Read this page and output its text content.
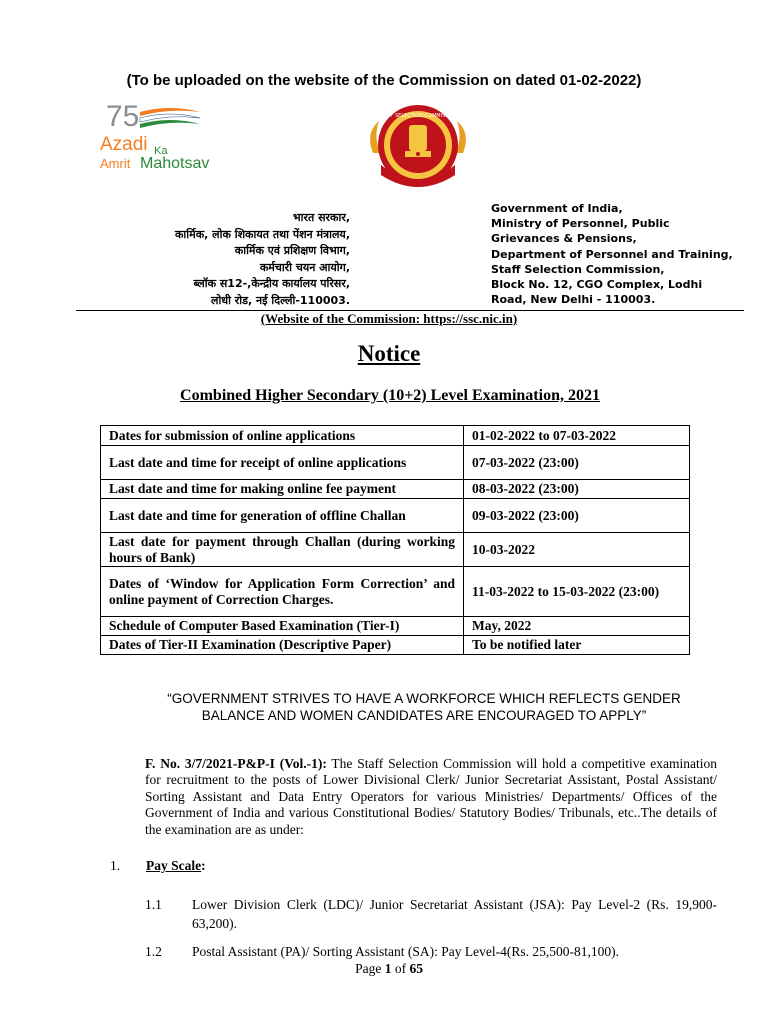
(To be uploaded on the website of the Commission on dated 01-02-2022)
75
Azadi Ka
Amrit Mahotsav
STAFF SELECTION COMMISSION
भारत सरकार,
कार्मिक, लोक शिकायत तथा पेंशन मंत्रालय,
कार्मिक एवं प्रशिक्षण विभाग,
कर्मचारी चयन आयोग,
ब्लॉक स12-,केन्द्रीय कार्यालय परिसर,
लोधी रोड, नई दिल्ली-110003.
Government of India,
Ministry of Personnel, Public
Grievances & Pensions,
Department of Personnel and Training,
Staff Selection Commission,
Block No. 12, CGO Complex, Lodhi
Road, New Delhi - 110003.
(Website of the Commission: https://ssc.nic.in)
Notice
Combined Higher Secondary (10+2) Level Examination, 2021
Dates for submission of online applications	01-02-2022 to 07-03-2022
Last date and time for receipt of online applications	07-03-2022 (23:00)
Last date and time for making online fee payment	08-03-2022 (23:00)
Last date and time for generation of offline Challan	09-03-2022 (23:00)
Last date for payment through Challan (during working hours of Bank)	10-03-2022
Dates of ‘Window for Application Form Correction’ and online payment of Correction Charges.	11-03-2022 to 15-03-2022 (23:00)
Schedule of Computer Based Examination (Tier-I)	May, 2022
Dates of Tier-II Examination (Descriptive Paper)	To be notified later
“GOVERNMENT STRIVES TO HAVE A WORKFORCE WHICH REFLECTS GENDER
BALANCE AND WOMEN CANDIDATES ARE ENCOURAGED TO APPLY”
F. No. 3/7/2021-P&P-I (Vol.-1): The Staff Selection Commission will hold a competitive examination for recruitment to the posts of Lower Divisional Clerk/ Junior Secretariat Assistant, Postal Assistant/ Sorting Assistant and Data Entry Operators for various Ministries/ Departments/ Offices of the Government of India and various Constitutional Bodies/ Statutory Bodies/ Tribunals, etc..The details of the examination are as under:
1. Pay Scale:
1.1 Lower Division Clerk (LDC)/ Junior Secretariat Assistant (JSA): Pay Level-2 (Rs. 19,900-63,200).
1.2 Postal Assistant (PA)/ Sorting Assistant (SA): Pay Level-4(Rs. 25,500-81,100).
Page 1 of 65
